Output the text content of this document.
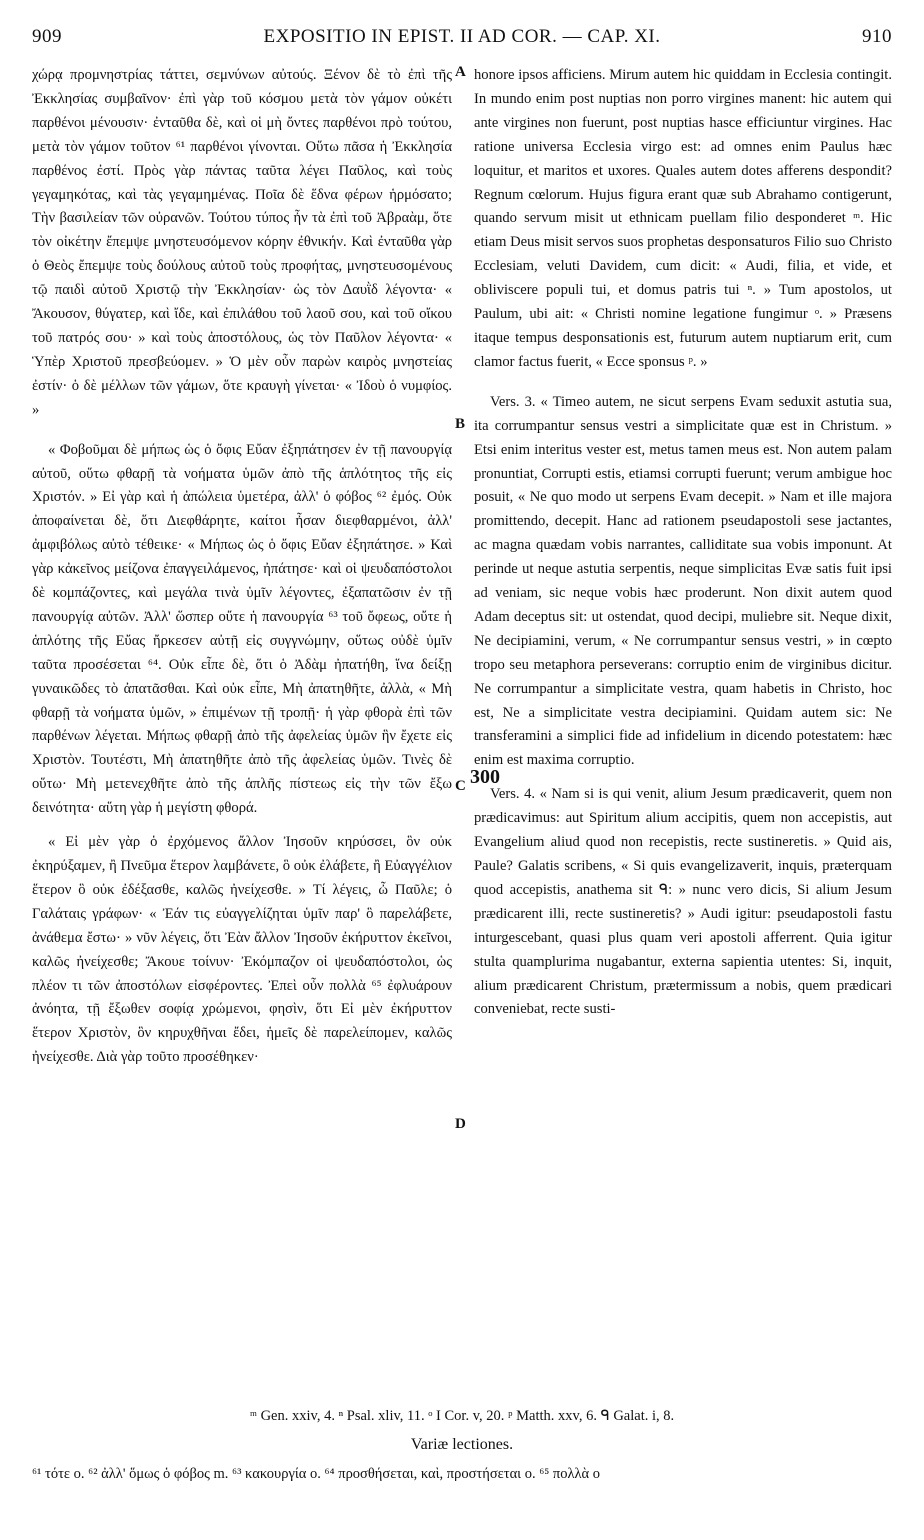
909	EXPOSITIO IN EPIST. II AD COR. — CAP. XI.	910

χώρᾳ προμνηστρίας τάττει, σεμνύνων αὐτούς. Ξένον δὲ τὸ ἐπὶ τῆς Ἐκκλησίας συμβαῖνον· ἐπὶ γὰρ τοῦ κόσμου μετὰ τὸν γάμον οὐκέτι παρθένοι μένουσιν· ἐνταῦθα δὲ, καὶ οἱ μὴ ὄντες παρθένοι πρὸ τούτου, μετὰ τὸν γάμον τοῦτον ⁶¹ παρθένοι γίνονται. Οὕτω πᾶσα ἡ Ἐκκλησία παρθένος ἐστί. Πρὸς γὰρ πάντας ταῦτα λέγει Παῦλος, καὶ τοὺς γεγαμηκότας, καὶ τὰς γεγαμημένας. Ποῖα δὲ ἕδνα φέρων ἡρμόσατο; Τὴν βασιλείαν τῶν οὐρανῶν. Τούτου τύπος ἦν τὰ ἐπὶ τοῦ Ἀβραὰμ, ὅτε τὸν οἰκέτην ἔπεμψε μνηστευσόμενον κόρην ἐθνικήν. Καὶ ἐνταῦθα γὰρ ὁ Θεὸς ἔπεμψε τοὺς δούλους αὐτοῦ τοὺς προφήτας, μνηστευσομένους τῷ παιδὶ αὐτοῦ Χριστῷ τὴν Ἐκκλησίαν· ὡς τὸν Δαυῒδ λέγοντα· « Ἄκουσον, θύγατερ, καὶ ἴδε, καὶ ἐπιλάθου τοῦ λαοῦ σου, καὶ τοῦ οἴκου τοῦ πατρός σου· » καὶ τοὺς ἀποστόλους, ὡς τὸν Παῦλον λέγοντα· « Ὑπὲρ Χριστοῦ πρεσβεύομεν. » Ὁ μὲν οὖν παρὼν καιρὸς μνηστείας ἐστίν· ὁ δὲ μέλλων τῶν γάμων, ὅτε κραυγὴ γίνεται· « Ἰδοὺ ὁ νυμφίος. »

« Φοβοῦμαι δὲ μήπως ὡς ὁ ὄφις Εὔαν ἐξηπάτησεν ἐν τῇ πανουργίᾳ αὐτοῦ, οὕτω φθαρῇ τὰ νοήματα ὑμῶν ἀπὸ τῆς ἁπλότητος τῆς εἰς Χριστόν. » Εἰ γὰρ καὶ ἡ ἀπώλεια ὑμετέρα, ἀλλ' ὁ φόβος ⁶² ἐμός. Οὐκ ἀποφαίνεται δὲ, ὅτι Διεφθάρητε, καίτοι ἦσαν διεφθαρμένοι, ἀλλ' ἀμφιβόλως αὐτὸ τέθεικε· « Μήπως ὡς ὁ ὄφις Εὔαν ἐξηπάτησε. » Καὶ γὰρ κἀκεῖνος μείζονα ἐπαγγειλάμενος, ἠπάτησε· καὶ οἱ ψευδαπόστολοι δὲ κομπάζοντες, καὶ μεγάλα τινὰ ὑμῖν λέγοντες, ἐξαπατῶσιν ἐν τῇ πανουργίᾳ αὐτῶν. Ἀλλ' ὥσπερ οὔτε ἡ πανουργία ⁶³ τοῦ ὄφεως, οὔτε ἡ ἁπλότης τῆς Εὔας ἤρκεσεν αὐτῇ εἰς συγγνώμην, οὕτως οὐδὲ ὑμῖν ταῦτα προσέσεται ⁶⁴. Οὐκ εἶπε δὲ, ὅτι ὁ Ἀδὰμ ἠπατήθη, ἵνα δείξῃ γυναικῶδες τὸ ἀπατᾶσθαι. Καὶ οὐκ εἶπε, Μὴ ἀπατηθῆτε, ἀλλὰ, « Μὴ φθαρῇ τὰ νοήματα ὑμῶν, » ἐπιμένων τῇ τροπῇ· ἡ γὰρ φθορὰ ἐπὶ τῶν παρθένων λέγεται. Μήπως φθαρῇ ἀπὸ τῆς ἀφελείας ὑμῶν ἣν ἔχετε εἰς Χριστὸν. Τουτέστι, Μὴ ἀπατηθῆτε ἀπὸ τῆς ἀφελείας ὑμῶν. Τινὲς δὲ οὕτω· Μὴ μετενεχθῆτε ἀπὸ τῆς ἁπλῆς πίστεως εἰς τὴν τῶν ἔξω δεινότητα· αὕτη γὰρ ἡ μεγίστη φθορά.

« Εἰ μὲν γὰρ ὁ ἐρχόμενος ἄλλον Ἰησοῦν κηρύσσει, ὃν οὐκ ἐκηρύξαμεν, ἢ Πνεῦμα ἕτερον λαμβάνετε, ὃ οὐκ ἐλάβετε, ἢ Εὐαγγέλιον ἕτερον ὃ οὐκ ἐδέξασθε, καλῶς ἠνείχεσθε. » Τί λέγεις, ὦ Παῦλε; ὁ Γαλάταις γράφων· « Ἐάν τις εὐαγγελίζηται ὑμῖν παρ' ὃ παρελάβετε, ἀνάθεμα ἔστω· » νῦν λέγεις, ὅτι Ἐὰν ἄλλον Ἰησοῦν ἐκήρυττον ἐκεῖνοι, καλῶς ἠνείχεσθε; Ἄκουε τοίνυν· Ἐκόμπαζον οἱ ψευδαπόστολοι, ὡς πλέον τι τῶν ἀποστόλων εἰσφέροντες. Ἐπεὶ οὖν πολλὰ ⁶⁵ ἐφλυάρουν ἀνόητα, τῇ ἔξωθεν σοφίᾳ χρώμενοι, φησὶν, ὅτι Εἰ μὲν ἐκήρυττον ἕτερον Χριστὸν, ὃν κηρυχθῆναι ἔδει, ἡμεῖς δὲ παρελείπομεν, καλῶς ἠνείχεσθε. Διὰ γὰρ τοῦτο προσέθηκεν·

A
B
C
D

honore ipsos afficiens. Mirum autem hic quiddam in Ecclesia contingit. In mundo enim post nuptias non porro virgines manent: hic autem qui ante virgines non fuerunt, post nuptias hasce efficiuntur virgines. Hac ratione universa Ecclesia virgo est: ad omnes enim Paulus hæc loquitur, et maritos et uxores. Quales autem dotes afferens despondit? Regnum cœlorum. Hujus figura erant quæ sub Abrahamo contigerunt, quando servum misit ut ethnicam puellam filio desponderet ᵐ. Hic etiam Deus misit servos suos prophetas desponsaturos Filio suo Christo Ecclesiam, veluti Davidem, cum dicit: « Audi, filia, et vide, et obliviscere populi tui, et domus patris tui ⁿ. » Tum apostolos, ut Paulum, ubi ait: « Christi nomine legatione fungimur ᵒ. » Præsens itaque tempus desponsationis est, futurum autem nuptiarum erit, cum clamor factus fuerit, « Ecce sponsus ᵖ. »

Vers. 3. « Timeo autem, ne sicut serpens Evam seduxit astutia sua, ita corrumpantur sensus vestri a simplicitate quæ est in Christum. » Etsi enim interitus vester est, metus tamen meus est. Non autem palam pronuntiat, Corrupti estis, etiamsi corrupti fuerunt; verum ambigue hoc posuit, « Ne quo modo ut serpens Evam decepit. » Nam et ille majora promittendo, decepit. Hanc ad rationem pseudapostoli sese jactantes, ac magna quædam vobis narrantes, calliditate sua vobis imponunt. At perinde ut neque astutia serpentis, neque simplicitas Evæ satis fuit ipsi ad veniam, sic neque vobis hæc proderunt. Non dixit autem quod Adam deceptus sit: ut ostendat, quod decipi, muliebre sit. Neque dixit, Ne decipiamini, verum, « Ne corrumpantur sensus vestri, » in cœpto tropo seu metaphora perseverans: corruptio enim de virginibus dicitur. Ne corrumpantur a simplicitate vestra, quam habetis in Christo, hoc est, Ne a simplicitate vestra decipiamini. Quidam autem sic: Ne transferamini a simplici fide ad infidelium in dicendo potestatem: hæc enim est maxima corruptio.

Vers. 4. « Nam si is qui venit, alium Jesum prædicaverit, quem non prædicavimus: aut Spiritum alium accipitis, quem non accepistis, aut Evangelium aliud quod non recepistis, recte sustineretis. » Quid ais, Paule? Galatis scribens, « Si quis evangelizaverit, inquis, præterquam quod accepistis, anathema sit ᑫ: » nunc vero dicis, Si alium Jesum prædicarent illi, recte sustineretis? » Audi igitur: pseudapostoli fastu inturgescebant, quasi plus quam veri apostoli afferrent. Quia igitur stulta quamplurima nugabantur, externa sapientia utentes: Si, inquit, alium prædicarent Christum, prætermissum a nobis, quem prædicari conveniebat, recte susti-

300
ᵐ Gen. xxiv, 4. ⁿ Psal. xliv, 11. ᵒ I Cor. v, 20. ᵖ Matth. xxv, 6. ᑫ Galat. i, 8.
Variæ lectiones.
⁶¹ τότε ο. ⁶² ἀλλ' ὅμως ὁ φόβος m. ⁶³ κακουργία ο. ⁶⁴ προσθήσεται, καὶ, προστήσεται ο. ⁶⁵ πολλὰ ο
